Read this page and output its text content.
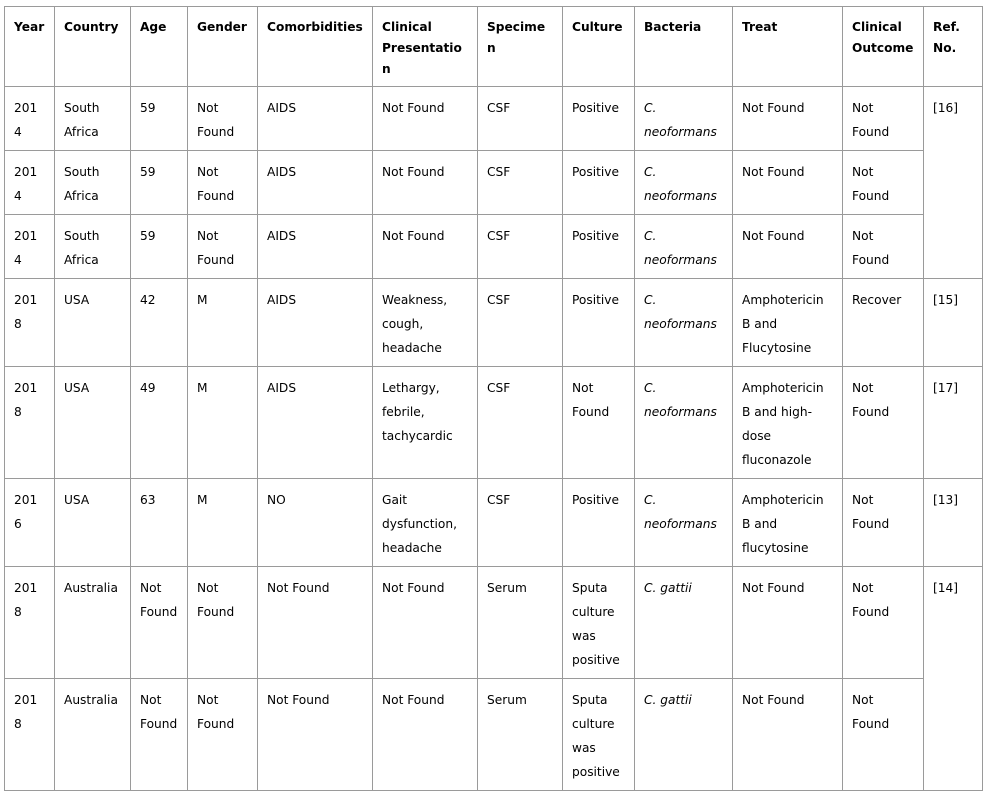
Year	Country	Age	Gender	Comorbidities	Clinical Presentation	Specimen	Culture	Bacteria	Treat	Clinical Outcome	Ref. No.
2014	South Africa	59	Not Found	AIDS	Not Found	CSF	Positive	C. neoformans	Not Found	Not Found	[16]
2014	South Africa	59	Not Found	AIDS	Not Found	CSF	Positive	C. neoformans	Not Found	Not Found	
2014	South Africa	59	Not Found	AIDS	Not Found	CSF	Positive	C. neoformans	Not Found	Not Found	
2018	USA	42	M	AIDS	Weakness, cough, headache	CSF	Positive	C. neoformans	Amphotericin B and Flucytosine	Recover	[15]
2018	USA	49	M	AIDS	Lethargy, febrile, tachycardic	CSF	Not Found	C. neoformans	Amphotericin B and high-dose fluconazole	Not Found	[17]
2016	USA	63	M	NO	Gait dysfunction, headache	CSF	Positive	C. neoformans	Amphotericin B and flucytosine	Not Found	[13]
2018	Australia	Not Found	Not Found	Not Found	Not Found	Serum	Sputa culture was positive	C. gattii	Not Found	Not Found	[14]
2018	Australia	Not Found	Not Found	Not Found	Not Found	Serum	Sputa culture was positive	C. gattii	Not Found	Not Found	
